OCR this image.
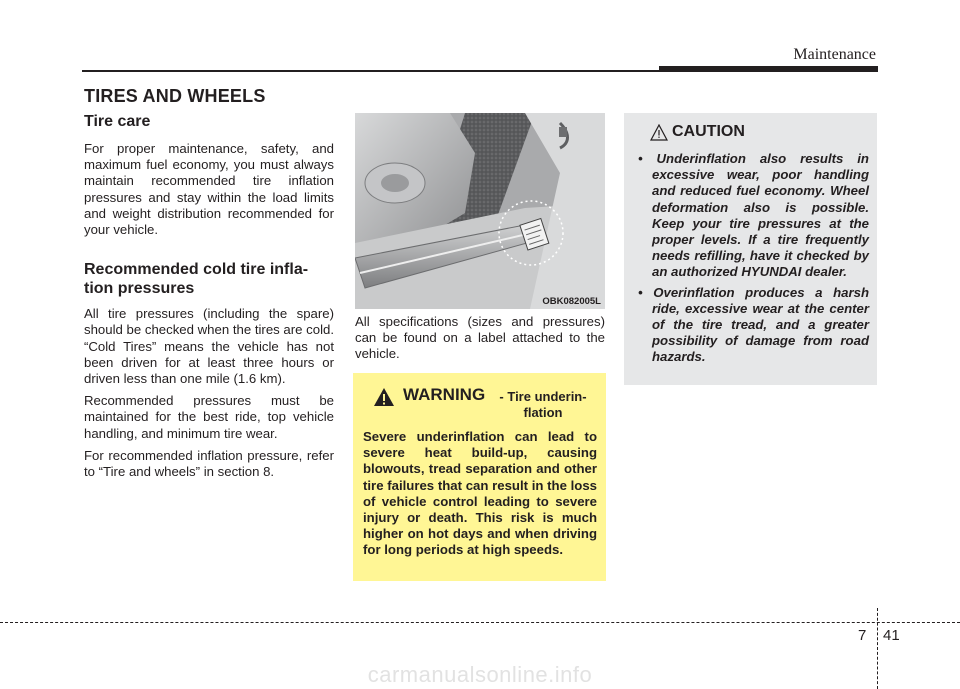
Maintenance
TIRES AND WHEELS
Tire care

For proper maintenance, safety, and maximum fuel economy, you must always maintain recommended tire inflation pressures and stay within the load limits and weight distribution recommended for your vehicle.

Recommended cold tire infla-
tion pressures

All tire pressures (including the spare) should be checked when the tires are cold. “Cold Tires” means the vehicle has not been driven for at least three hours or driven less than one mile (1.6 km).

Recommended pressures must be maintained for the best ride, top vehicle handling, and minimum tire wear.

For recommended inflation pressure, refer to “Tire and wheels” in section 8.

OBK082005L

All specifications (sizes and pressures) can be found on a label attached to the vehicle.

WARNING	- Tire underin-
flation
Severe underinflation can lead to severe heat build-up, causing blowouts, tread separation and other tire failures that can result in the loss of vehicle control leading to severe injury or death. This risk is much higher on hot days and when driving for long periods at high speeds.
CAUTION
• Underinflation also results in excessive wear, poor handling and reduced fuel economy. Wheel deformation also is possible. Keep your tire pressures at the proper levels. If a tire frequently needs refilling, have it checked by an authorized HYUNDAI dealer.
• Overinflation produces a harsh ride, excessive wear at the center of the tire tread, and a greater possibility of damage from road hazards.
7 41
carmanualsonline.info
